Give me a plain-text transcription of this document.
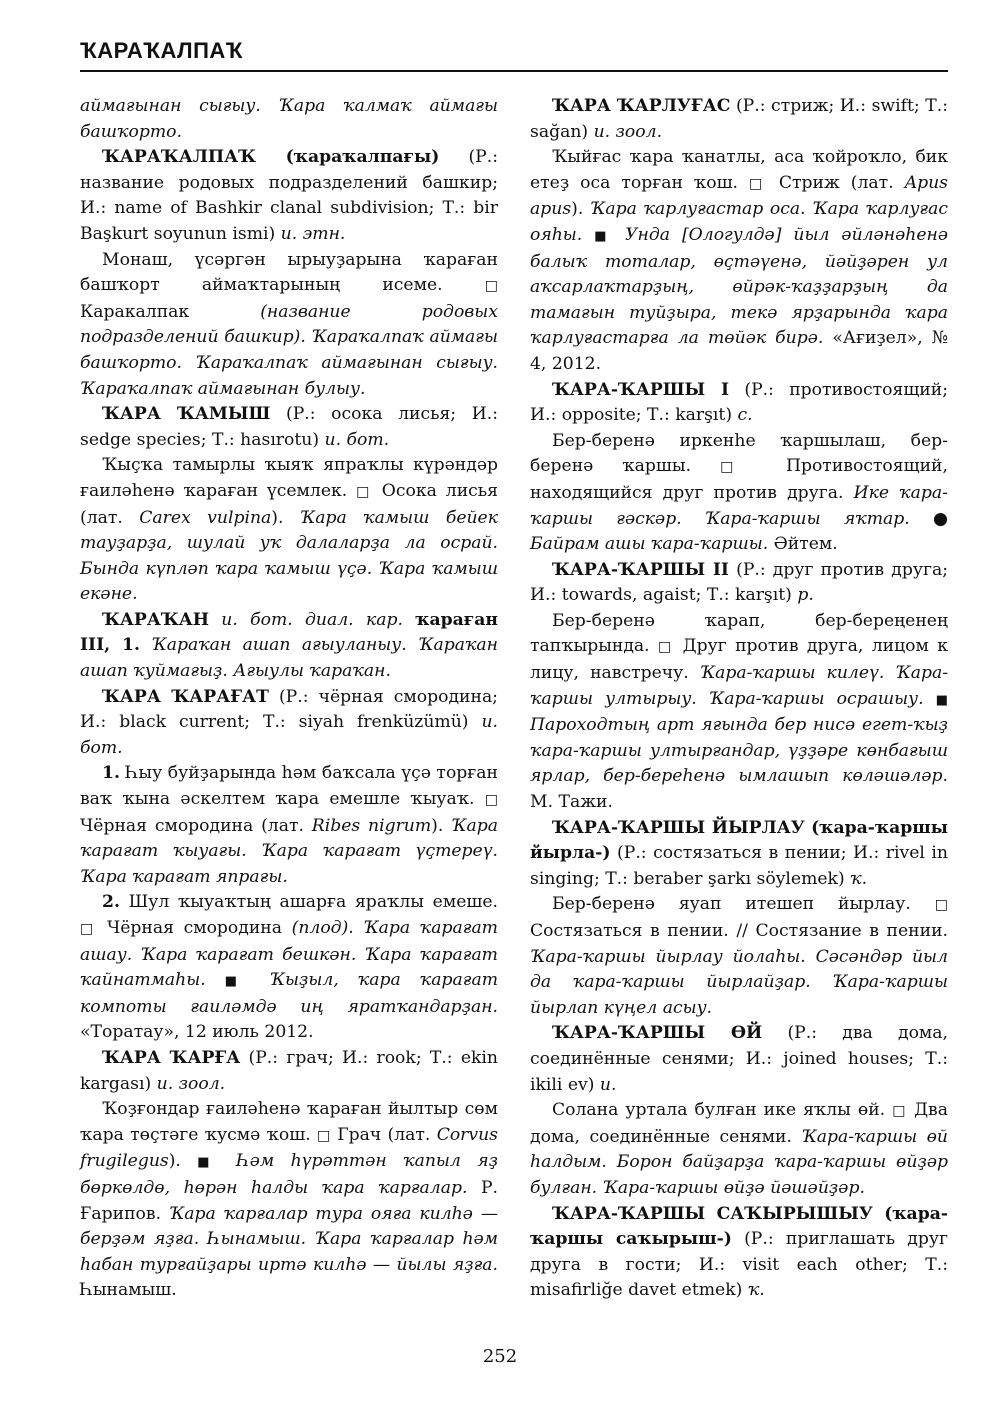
ҠАРАҠАЛПАҠ

аймағынан сығыу. Ҡара ҡалмаҡ аймағы башҡорто.

ҠАРАҠАЛПАҠ (ҡараҡалпағы) (Р.: название родовых подразделений башкир; И.: name of Bashkir clanal subdivision; Т.: bir Başkurt soyunun ismi) и. этн.

Монаш, үсәргән ырыуҙарына ҡараған башҡорт аймаҡтарының исеме. □ Каракалпак (название родовых подразделений башкир). Ҡараҡалпаҡ аймағы башҡорто. Ҡараҡалпаҡ аймағынан сығыу. Ҡараҡалпаҡ аймағынан булыу.

ҠАРА ҠАМЫШ (Р.: осока лисья; И.: sedge species; Т.: hasırotu) и. бот.

Ҡыҫҡа тамырлы ҡыяҡ япраҡлы күрәндәр ғаиләһенә ҡараған үсемлек. □ Осока лисья (лат. Carex vulpina). Ҡара ҡамыш бейек тауҙарҙа, шулай уҡ далаларҙа ла осрай. Бында күпләп ҡара ҡамыш үҫә. Ҡара ҡамыш екәне.

ҠАРАҠАН и. бот. диал. кар. ҡараған III, 1. Ҡараҡан ашап ағыуланыу. Ҡараҡан ашап ҡуймағыҙ. Ағыулы ҡараҡан.

ҠАРА ҠАРАҒАТ (Р.: чёрная смородина; И.: black current; Т.: siyah frenküzümü) и. бот.

1. Һыу буйҙарында һәм баҡсала үҫә торған ваҡ ҡына әскелтем ҡара емешле ҡыуаҡ. □ Чёрная смородина (лат. Ribes nigrum). Ҡара ҡарағат ҡыуағы. Ҡара ҡарағат үҫтереү. Ҡара ҡарағат япрағы.

2. Шул ҡыуаҡтың ашарға яраҡлы емеше. □ Чёрная смородина (плод). Ҡара ҡарағат ашау. Ҡара ҡарағат бешкән. Ҡара ҡарағат ҡайнатмаһы. ■ Ҡыҙыл, ҡара ҡарағат компоты ғаиләмдә иң яратҡандарҙан. «Торатау», 12 июль 2012.

ҠАРА ҠАРҒА (Р.: грач; И.: rook; Т.: ekin kargası) и. зоол.

Ҡоҙғондар ғаиләһенә ҡараған йылтыр сөм ҡара төҫтәге ҡусмә ҡош. □ Грач (лат. Corvus frugilegus). ■ Һәм һүрәттән ҡапыл яҙ бөркөлдө, һөрән һалды ҡара ҡарғалар. Р. Ғарипов. Ҡара ҡарғалар тура ояға килһә — берҙәм яҙға. Һынамыш. Ҡара ҡарғалар һәм һабан турғайҙары иртә килһә — йылы яҙға. Һынамыш.

ҠАРА ҠАРЛУҒАС (Р.: стриж; И.: swift; Т.: sağan) и. зоол.

Ҡыйғас ҡара ҡанатлы, аса ҡойроҡло, бик етеҙ оса торған ҡош. □ Стриж (лат. Apus apus). Ҡара ҡарлуғастар оса. Ҡара ҡарлуғас ояһы. ■ Унда [Ологулдә] йыл әйләнәһенә балыҡ тоталар, өҫтәүенә, йәйҙәрен ул аҡсарлаҡтарҙың, өйрәк-ҡаҙҙарҙың да тамағын туйҙыра, текә ярҙарында ҡара ҡарлуғастарға ла төйәк бирә. «Ағиҙел», № 4, 2012.

ҠАРА-ҠАРШЫ I (Р.: противостоящий; И.: opposite; Т.: karşıt) с.

Бер-беренә иркенһе ҡаршылаш, бер-беренә ҡаршы. □ Противостоящий, находящийся друг против друга. Ике ҡара-ҡаршы ғәскәр. Ҡара-ҡаршы яҡтар. ● Байрам ашы ҡара-ҡаршы. Әйтем.

ҠАРА-ҠАРШЫ II (Р.: друг против друга; И.: towards, agaist; Т.: karşıt) р.

Бер-беренә ҡарап, бер-береңенең тапҡырында. □ Друг против друга, лицом к лицу, навстречу. Ҡара-ҡаршы килеү. Ҡара-ҡаршы ултырыу. Ҡара-ҡаршы осрашыу. ■ Пароходтың арт яғында бер нисә егет-ҡыҙ ҡара-ҡаршы ултырғандар, үҙҙәре көнбағыш ярлар, бер-береһенә ымлашып көләшәләр. М. Тажи.

ҠАРА-ҠАРШЫ ЙЫРЛАУ (ҡара-ҡаршы йырла-) (Р.: состязаться в пении; И.: rivel in singing; Т.: beraber şarkı söylemek) ҡ.

Бер-беренә яуап итешеп йырлау. □ Состязаться в пении. // Состязание в пении. Ҡара-ҡаршы йырлау йолаһы. Сәсәндәр йыл да ҡара-ҡаршы йырлайҙар. Ҡара-ҡаршы йырлап күңел асыу.

ҠАРА-ҠАРШЫ ӨЙ (Р.: два дома, соединённые сенями; И.: joined houses; Т.: ikili ev) и.

Солана уртала булған ике яҡлы өй. □ Два дома, соединённые сенями. Ҡара-ҡаршы өй һалдым. Борон байҙарҙа ҡара-ҡаршы өйҙәр булған. Ҡара-ҡаршы өйҙә йәшәйҙәр.

ҠАРА-ҠАРШЫ САҠЫРЫШЫУ (ҡара-ҡаршы саҡырыш-) (Р.: приглашать друг друга в гости; И.: visit each other; Т.: misafirliğe davet etmek) ҡ.

252
